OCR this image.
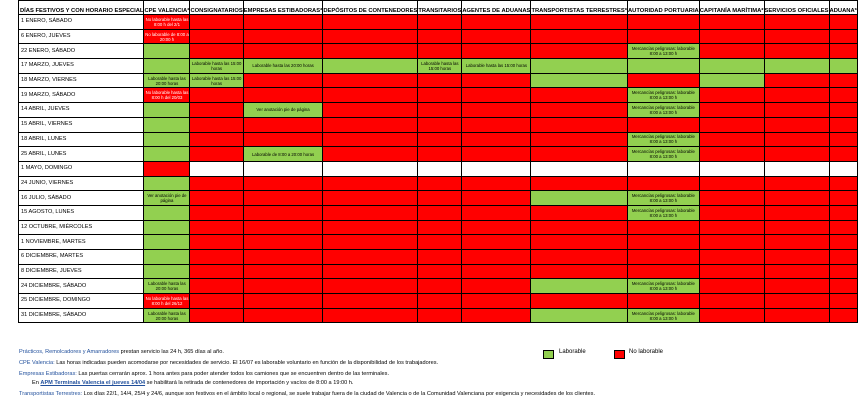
DÍAS FESTIVOS Y CON HORARIO ESPECIAL	CPE VALENCIA*	CONSIGNATARIOS	EMPRESAS ESTIBADORAS*	DEPÓSITOS DE CONTENEDORES	TRANSITARIOS	AGENTES DE ADUANAS	TRANSPORTISTAS TERRESTRES*	AUTORIDAD PORTUARIA	CAPITANÍA MARÍTIMA*	SERVICIOS OFICIALES	ADUANA*
1 ENERO, SÁBADO	No laborable hasta las 8:00 h del 2/1										
6 ENERO, JUEVES	No laborable de 8:00 a 20:00 h										
22 ENERO, SÁBADO								Mercancías peligrosas: laborable 8:00 a 13:00 h			
17 MARZO, JUEVES		Laborable hasta las 15:00 horas	Laborable hasta las 20:00 horas		Laborable hasta las 15:00 horas	Laborable hasta las 15:00 horas					
18 MARZO, VIERNES	Laborable hasta las 20:00 horas	Laborable hasta las 15:00 horas									
19 MARZO, SÁBADO	No laborable hasta las 8:00 h del 20/03							Mercancías peligrosas: laborable 8:00 a 13:00 h			
14 ABRIL, JUEVES			Ver anotación pie de página					Mercancías peligrosas: laborable 8:00 a 13:00 h			
15 ABRIL, VIERNES											
18 ABRIL, LUNES								Mercancías peligrosas: laborable 8:00 a 13:00 h			
25 ABRIL, LUNES			Laborable de 8:00 a 20:00 horas					Mercancías peligrosas: laborable 8:00 a 13:00 h			
1 MAYO, DOMINGO											
24 JUNIO, VIERNES											
16 JULIO, SÁBADO	Ver anotación pie de página							Mercancías peligrosas: laborable 8:00 a 13:00 h			
15 AGOSTO, LUNES								Mercancías peligrosas: laborable 8:00 a 13:00 h			
12 OCTUBRE, MIÉRCOLES											
1 NOVIEMBRE, MARTES											
6 DICIEMBRE, MARTES											
8 DICIEMBRE, JUEVES											
24 DICIEMBRE, SÁBADO	Laborable hasta las 20:00 horas							Mercancías peligrosas: laborable 8:00 a 13:00 h			
25 DICIEMBRE, DOMINGO	No laborable hasta las 8:00 h del 26/12										
31 DICIEMBRE, SÁBADO	Laborable hasta las 20:00 horas							Mercancías peligrosas: laborable 8:00 a 13:00 h			
Laborable	No laborable
Prácticos, Remolcadores y Amarradores prestan servicio las 24 h, 365 días al año.
CPE Valencia: Las horas indicadas pueden acomodarse por necesidades de servicio. El 16/07 es laborable voluntario en función de la disponibilidad de los trabajadores.
Empresas Estibadoras: Las puertas cerrarán aprox. 1 hora antes para poder atender todos los camiones que se encuentren dentro de las terminales.
En APM Terminals Valencia el jueves 14/04 se habilitará la retirada de contenedores de importación y vacíos de 8:00 a 19:00 h.
Transportistas Terrestres: Los días 22/1, 14/4, 25/4 y 24/6, aunque son festivos en el ámbito local o regional, se suele trabajar fuera de la ciudad de Valencia o de la Comunidad Valenciana por exigencia y necesidades de los clientes.
